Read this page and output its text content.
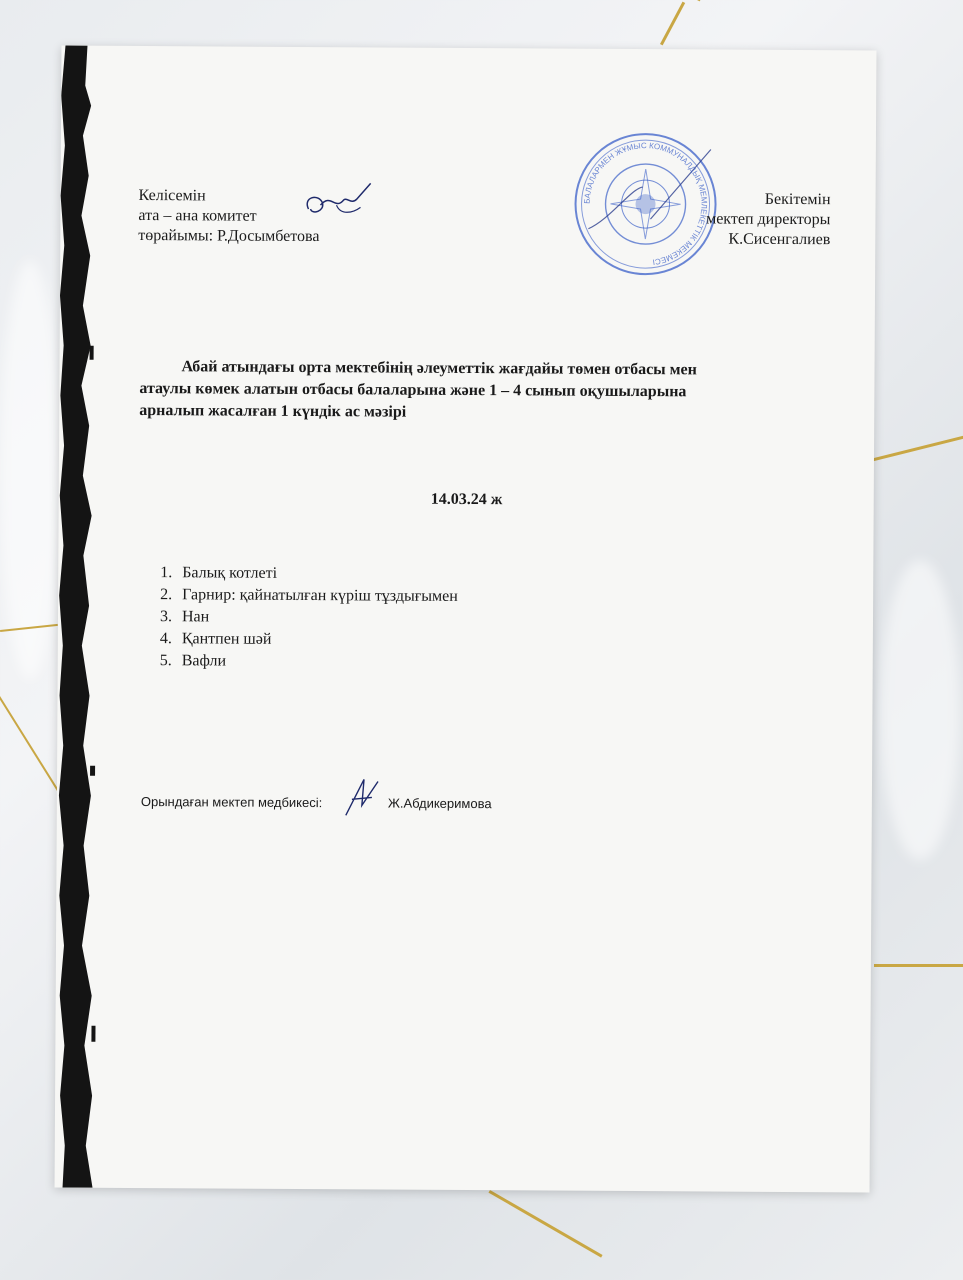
Келісемін
ата – ана комитет
төрайымы: Р.Досымбетова
БАЛАЛАРМЕН ЖҰМЫС КОММУНАЛДЫҚ МЕМЛЕКЕТТІК МЕКЕМЕСІ
Бекітемін
мектеп директоры
К.Сисенгалиев
Абай атындағы орта мектебінің әлеуметтік жағдайы төмен отбасы мен
атаулы көмек алатын отбасы балаларына және 1 – 4 сынып оқушыларына
арналып жасалған 1 күндік ас мәзірі
14.03.24 ж
1. Балық котлеті
2. Гарнир: қайнатылған күріш тұздығымен
3. Нан
4. Қантпен шәй
5. Вафли
Орындаған мектеп медбикесі:	Ж.Абдикеримова
